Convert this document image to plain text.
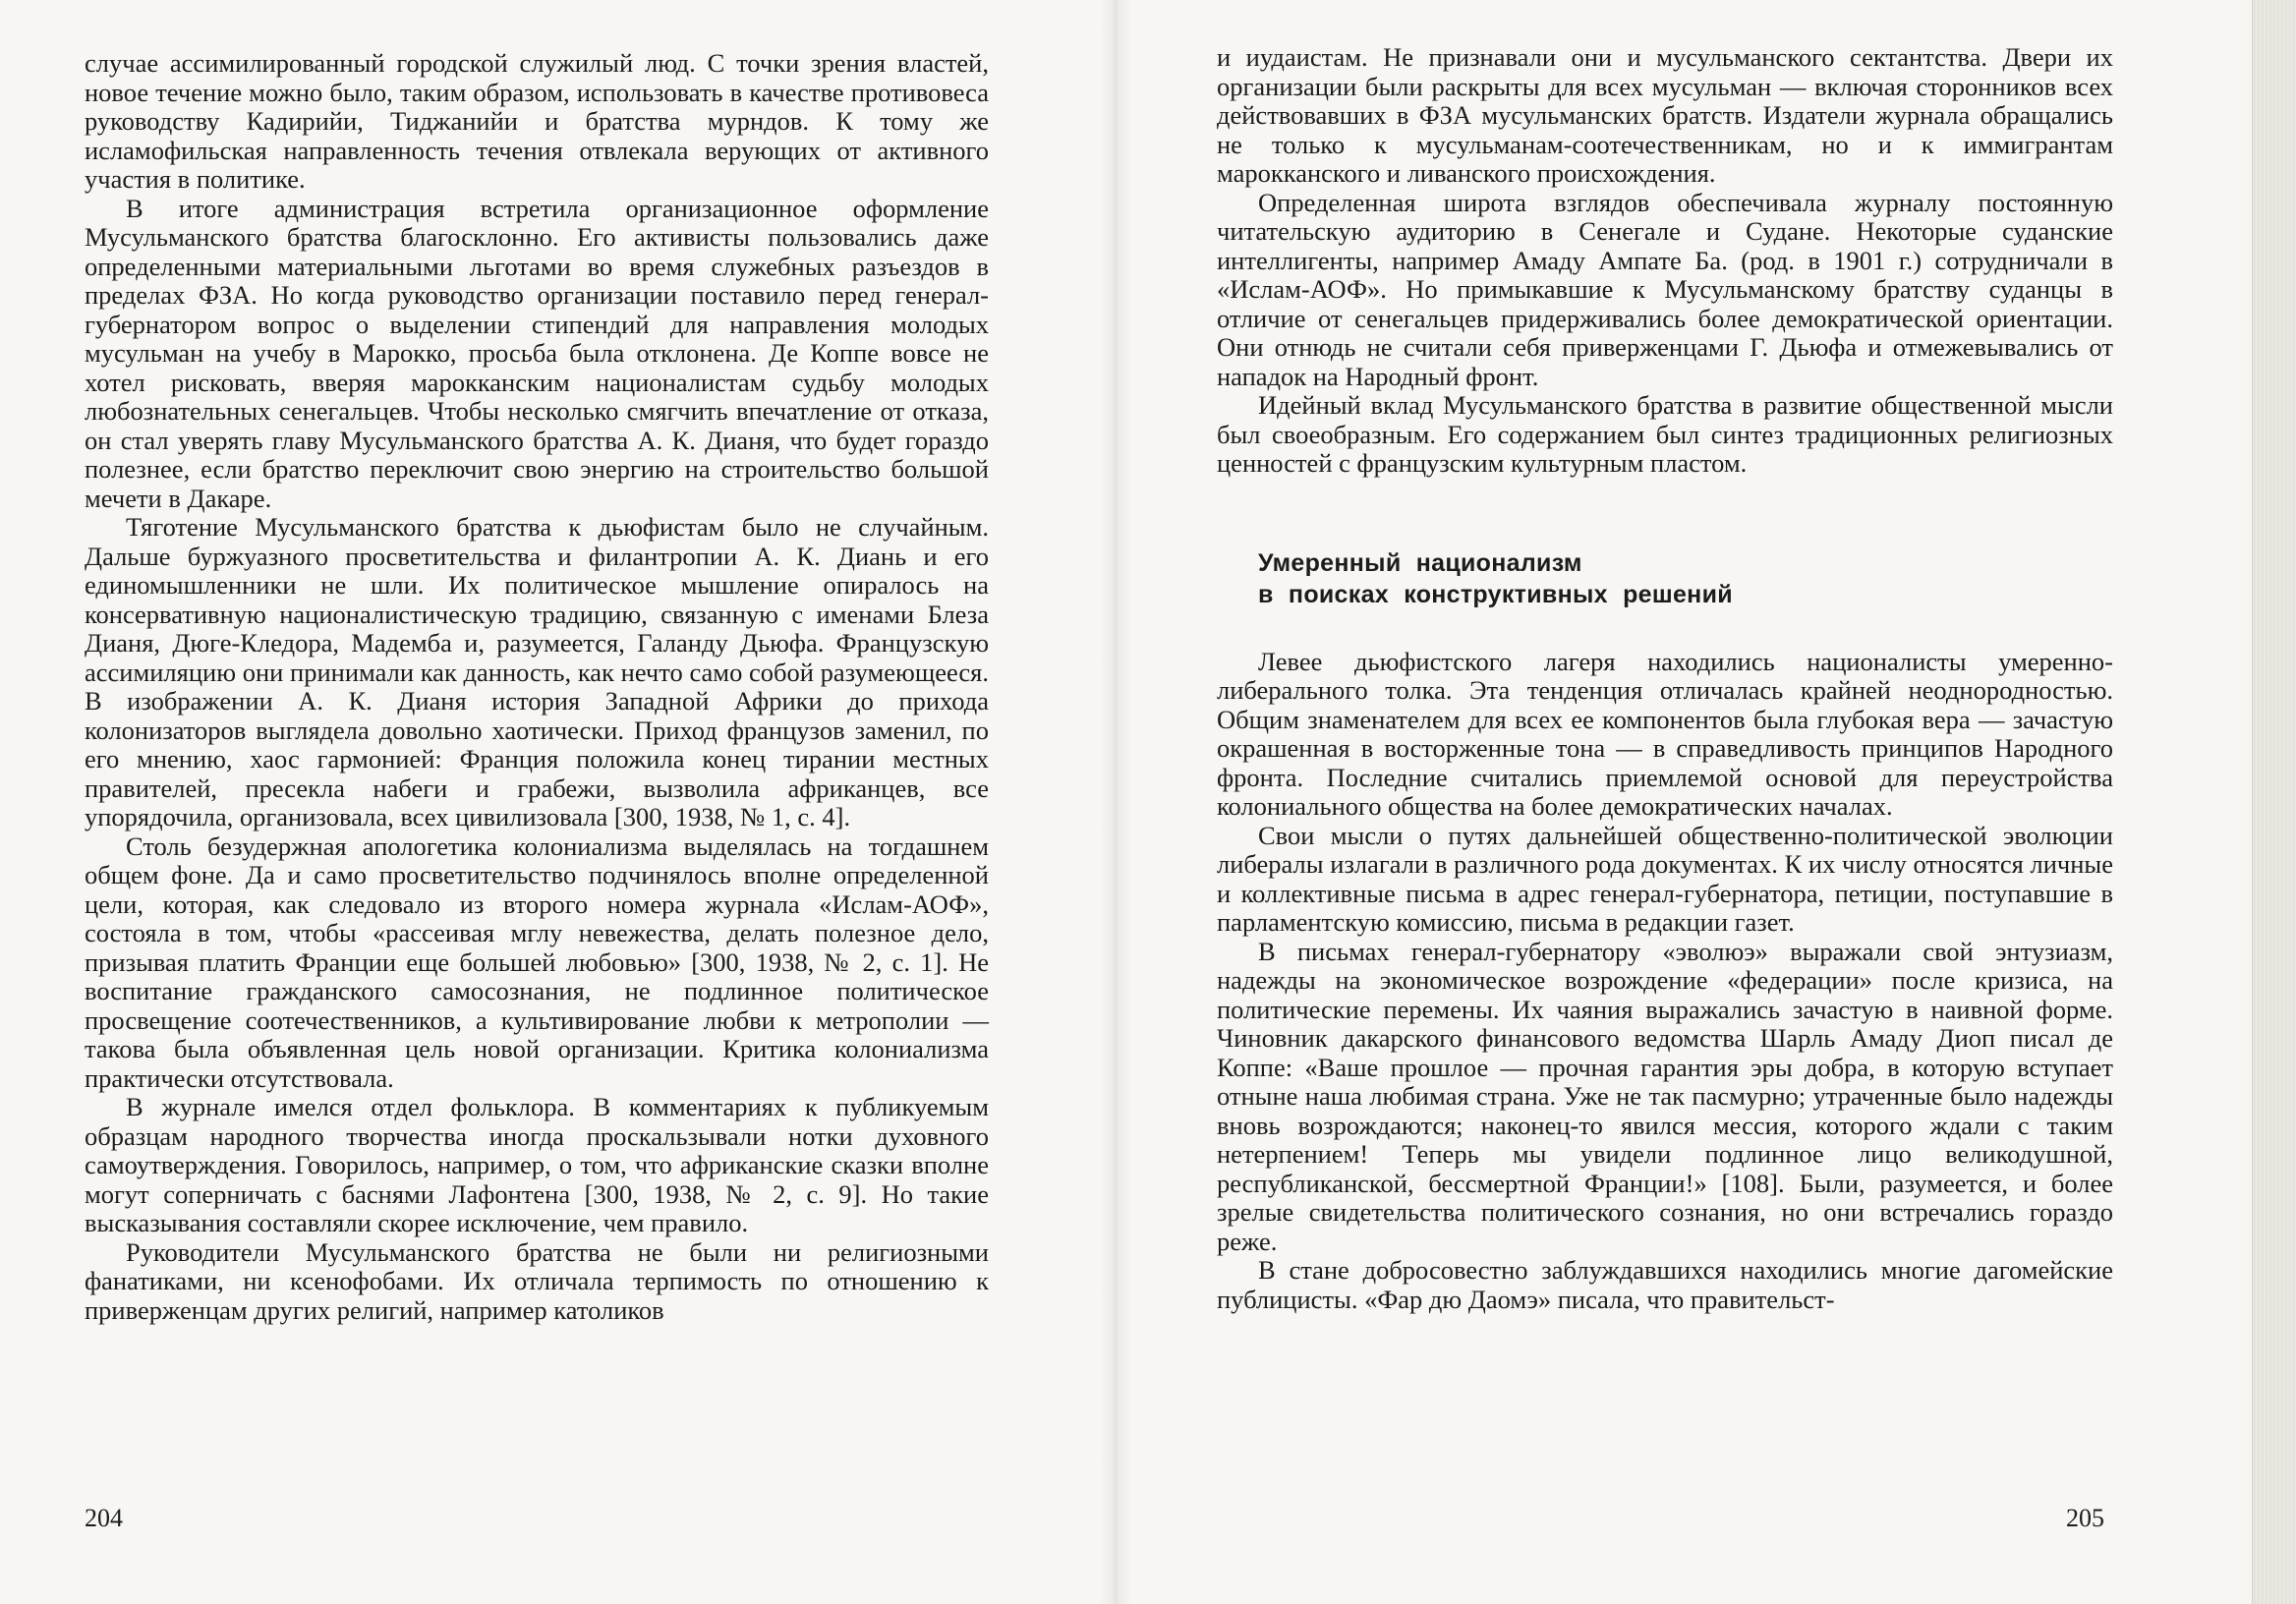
случае ассимилированный городской служилый люд. С точки зрения властей, новое течение можно было, таким образом, использовать в качестве противовеса руководству Кадирийи, Тиджанийи и братства мурндов. К тому же исламофильская направленность течения отвлекала верующих от активного участия в политике.

В итоге администрация встретила организационное оформление Мусульманского братства благосклонно. Его активисты пользовались даже определенными материальными льготами во время служебных разъездов в пределах ФЗА. Но когда руководство организации поставило перед генерал-губернатором вопрос о выделении стипендий для направления молодых мусульман на учебу в Марокко, просьба была отклонена. Де Коппе вовсе не хотел рисковать, вверяя марокканским националистам судьбу молодых любознательных сенегальцев. Чтобы несколько смягчить впечатление от отказа, он стал уверять главу Мусульманского братства А. К. Дианя, что будет гораздо полезнее, если братство переключит свою энергию на строительство большой мечети в Дакаре.

Тяготение Мусульманского братства к дьюфистам было не случайным. Дальше буржуазного просветительства и филантропии А. К. Диань и его единомышленники не шли. Их политическое мышление опиралось на консервативную националистическую традицию, связанную с именами Блеза Дианя, Дюге-Кледора, Мадемба и, разумеется, Галанду Дьюфа. Французскую ассимиляцию они принимали как данность, как нечто само собой разумеющееся. В изображении А. К. Дианя история Западной Африки до прихода колонизаторов выглядела довольно хаотически. Приход французов заменил, по его мнению, хаос гармонией: Франция положила конец тирании местных правителей, пресекла набеги и грабежи, вызволила африканцев, все упорядочила, организовала, всех цивилизовала [300, 1938, № 1, с. 4].

Столь безудержная апологетика колониализма выделялась на тогдашнем общем фоне. Да и само просветительство подчинялось вполне определенной цели, которая, как следовало из второго номера журнала «Ислам-АОФ», состояла в том, чтобы «рассеивая мглу невежества, делать полезное дело, призывая платить Франции еще большей любовью» [300, 1938, № 2, с. 1]. Не воспитание гражданского самосознания, не подлинное политическое просвещение соотечественников, а культивирование любви к метрополии — такова была объявленная цель новой организации. Критика колониализма практически отсутствовала.

В журнале имелся отдел фольклора. В комментариях к публикуемым образцам народного творчества иногда проскальзывали нотки духовного самоутверждения. Говорилось, например, о том, что африканские сказки вполне могут соперничать с баснями Лафонтена [300, 1938, № 2, с. 9]. Но такие высказывания составляли скорее исключение, чем правило.

Руководители Мусульманского братства не были ни религиозными фанатиками, ни ксенофобами. Их отличала терпимость по отношению к приверженцам других религий, например католиков

204

и иудаистам. Не признавали они и мусульманского сектантства. Двери их организации были раскрыты для всех мусульман — включая сторонников всех действовавших в ФЗА мусульманских братств. Издатели журнала обращались не только к мусульманам-соотечественникам, но и к иммигрантам марокканского и ливанского происхождения.

Определенная широта взглядов обеспечивала журналу постоянную читательскую аудиторию в Сенегале и Судане. Некоторые суданские интеллигенты, например Амаду Ампате Ба. (род. в 1901 г.) сотрудничали в «Ислам-АОФ». Но примыкавшие к Мусульманскому братству суданцы в отличие от сенегальцев придерживались более демократической ориентации. Они отнюдь не считали себя приверженцами Г. Дьюфа и отмежевывались от нападок на Народный фронт.

Идейный вклад Мусульманского братства в развитие общественной мысли был своеобразным. Его содержанием был синтез традиционных религиозных ценностей с французским культурным пластом.

Умеренный национализм
в поисках конструктивных решений

Левее дьюфистского лагеря находились националисты умеренно-либерального толка. Эта тенденция отличалась крайней неоднородностью. Общим знаменателем для всех ее компонентов была глубокая вера — зачастую окрашенная в восторженные тона — в справедливость принципов Народного фронта. Последние считались приемлемой основой для переустройства колониального общества на более демократических началах.

Свои мысли о путях дальнейшей общественно-политической эволюции либералы излагали в различного рода документах. К их числу относятся личные и коллективные письма в адрес генерал-губернатора, петиции, поступавшие в парламентскую комиссию, письма в редакции газет.

В письмах генерал-губернатору «эволюэ» выражали свой энтузиазм, надежды на экономическое возрождение «федерации» после кризиса, на политические перемены. Их чаяния выражались зачастую в наивной форме. Чиновник дакарского финансового ведомства Шарль Амаду Диоп писал де Коппе: «Ваше прошлое — прочная гарантия эры добра, в которую вступает отныне наша любимая страна. Уже не так пасмурно; утраченные было надежды вновь возрождаются; наконец-то явился мессия, которого ждали с таким нетерпением! Теперь мы увидели подлинное лицо великодушной, республиканской, бессмертной Франции!» [108]. Были, разумеется, и более зрелые свидетельства политического сознания, но они встречались гораздо реже.

В стане добросовестно заблуждавшихся находились многие дагомейские публицисты. «Фар дю Даомэ» писала, что правительст-

205
